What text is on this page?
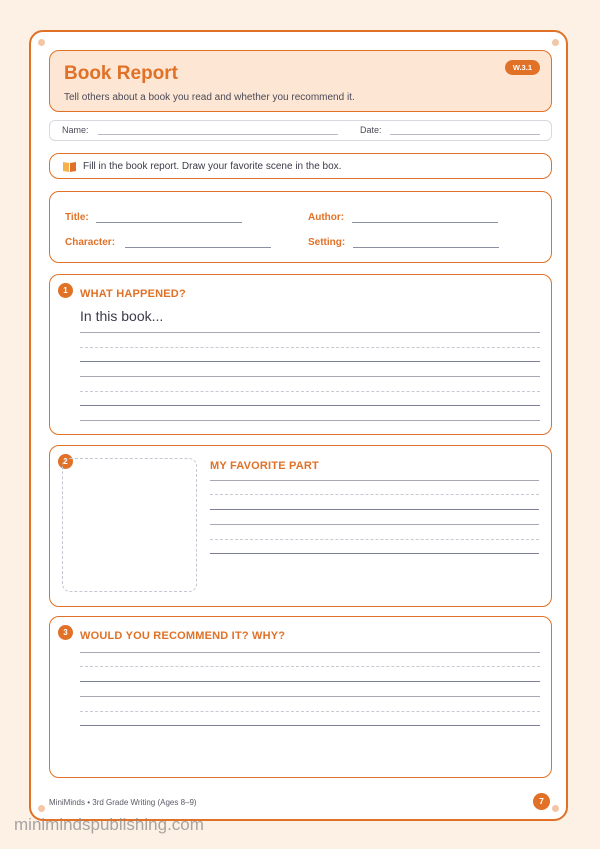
Book Report
Tell others about a book you read and whether you recommend it.
W.3.1
Name:	Date:
Fill in the book report. Draw your favorite scene in the box.
Title:	Author:
Character:	Setting:
1	WHAT HAPPENED?
In this book...
2	MY FAVORITE PART
3	WOULD YOU RECOMMEND IT? WHY?
MiniMinds • 3rd Grade Writing (Ages 8–9)	7
minimindspublishing.com
